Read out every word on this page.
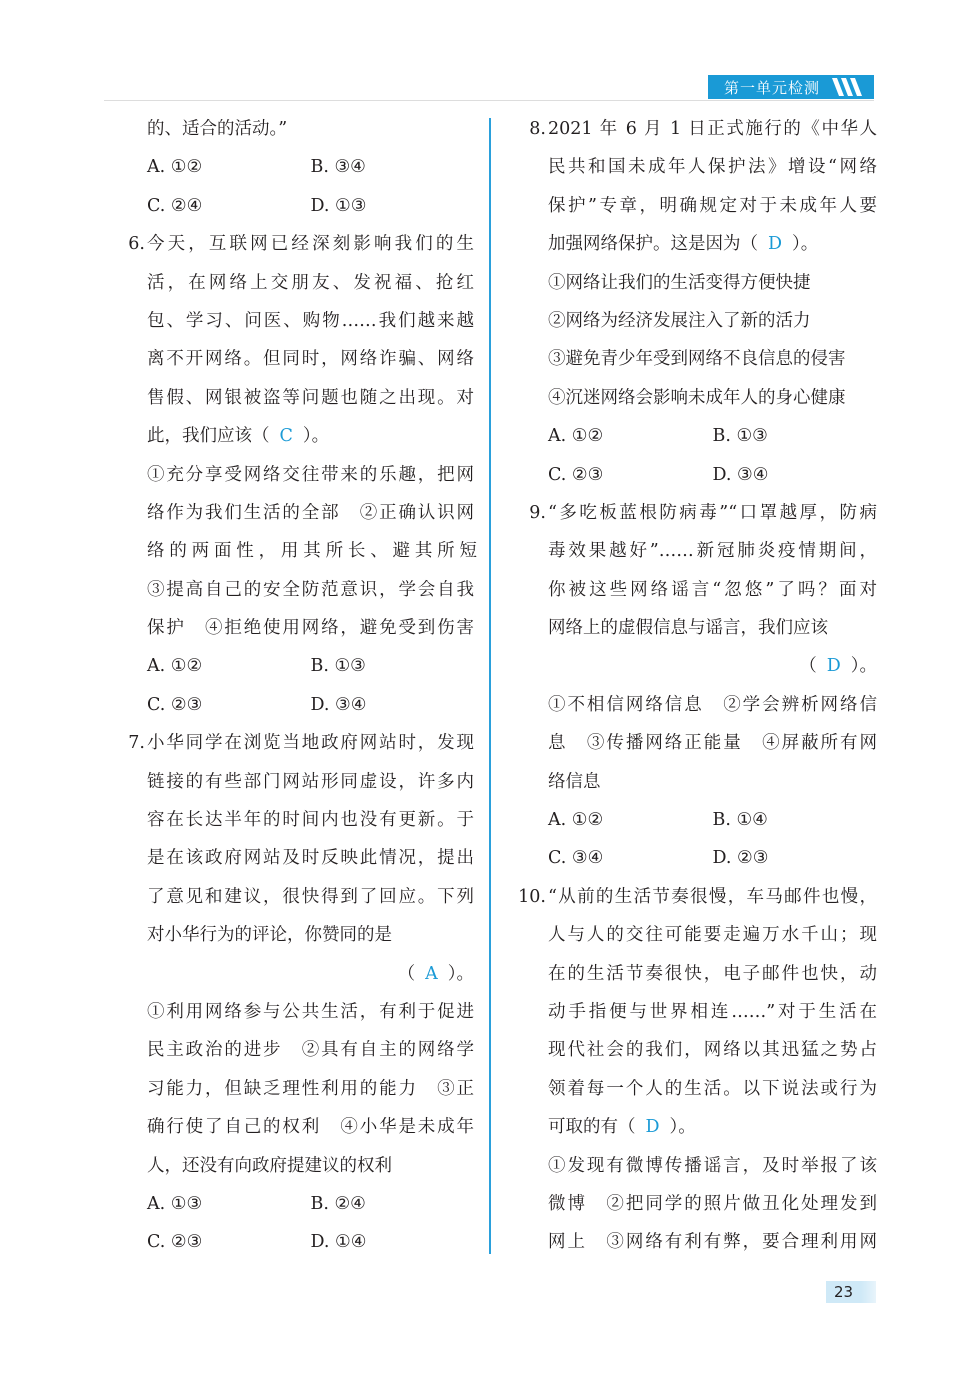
第一单元检测
的、适合的活动。”
A. ①②	B. ③④
C. ②④	D. ①③
6. 今天，互联网已经深刻影响我们的生
活，在网络上交朋友、发祝福、抢红
包、学习、问医、购物……我们越来越
离不开网络。但同时，网络诈骗、网络
售假、网银被盗等问题也随之出现。对
此，我们应该（ C ）。
①充分享受网络交往带来的乐趣，把网
络作为我们生活的全部　②正确认识网
络的两面性，用其所长、避其所短
③提高自己的安全防范意识，学会自我
保护　④拒绝使用网络，避免受到伤害
A. ①②	B. ①③
C. ②③	D. ③④
7. 小华同学在浏览当地政府网站时，发现
链接的有些部门网站形同虚设，许多内
容在长达半年的时间内也没有更新。于
是在该政府网站及时反映此情况，提出
了意见和建议，很快得到了回应。下列
对小华行为的评论，你赞同的是
（ A ）。
①利用网络参与公共生活，有利于促进
民主政治的进步　②具有自主的网络学
习能力，但缺乏理性利用的能力　③正
确行使了自己的权利　④小华是未成年
人，还没有向政府提建议的权利
A. ①③	B. ②④
C. ②③	D. ①④
8. 2021 年 6 月 1 日正式施行的《中华人
民共和国未成年人保护法》增设“网络
保护”专章，明确规定对于未成年人要
加强网络保护。这是因为（ D ）。
①网络让我们的生活变得方便快捷
②网络为经济发展注入了新的活力
③避免青少年受到网络不良信息的侵害
④沉迷网络会影响未成年人的身心健康
A. ①②	B. ①③
C. ②③	D. ③④
9. “多吃板蓝根防病毒”“口罩越厚，防病
毒效果越好”……新冠肺炎疫情期间，
你被这些网络谣言“忽悠”了吗？面对
网络上的虚假信息与谣言，我们应该
（ D ）。
①不相信网络信息　②学会辨析网络信
息　③传播网络正能量　④屏蔽所有网
络信息
A. ①②	B. ①④
C. ③④	D. ②③
10. “从前的生活节奏很慢，车马邮件也慢，
人与人的交往可能要走遍万水千山；现
在的生活节奏很快，电子邮件也快，动
动手指便与世界相连……”对于生活在
现代社会的我们，网络以其迅猛之势占
领着每一个人的生活。以下说法或行为
可取的有（ D ）。
①发现有微博传播谣言，及时举报了该
微博　②把同学的照片做丑化处理发到
网上　③网络有利有弊，要合理利用网
23
